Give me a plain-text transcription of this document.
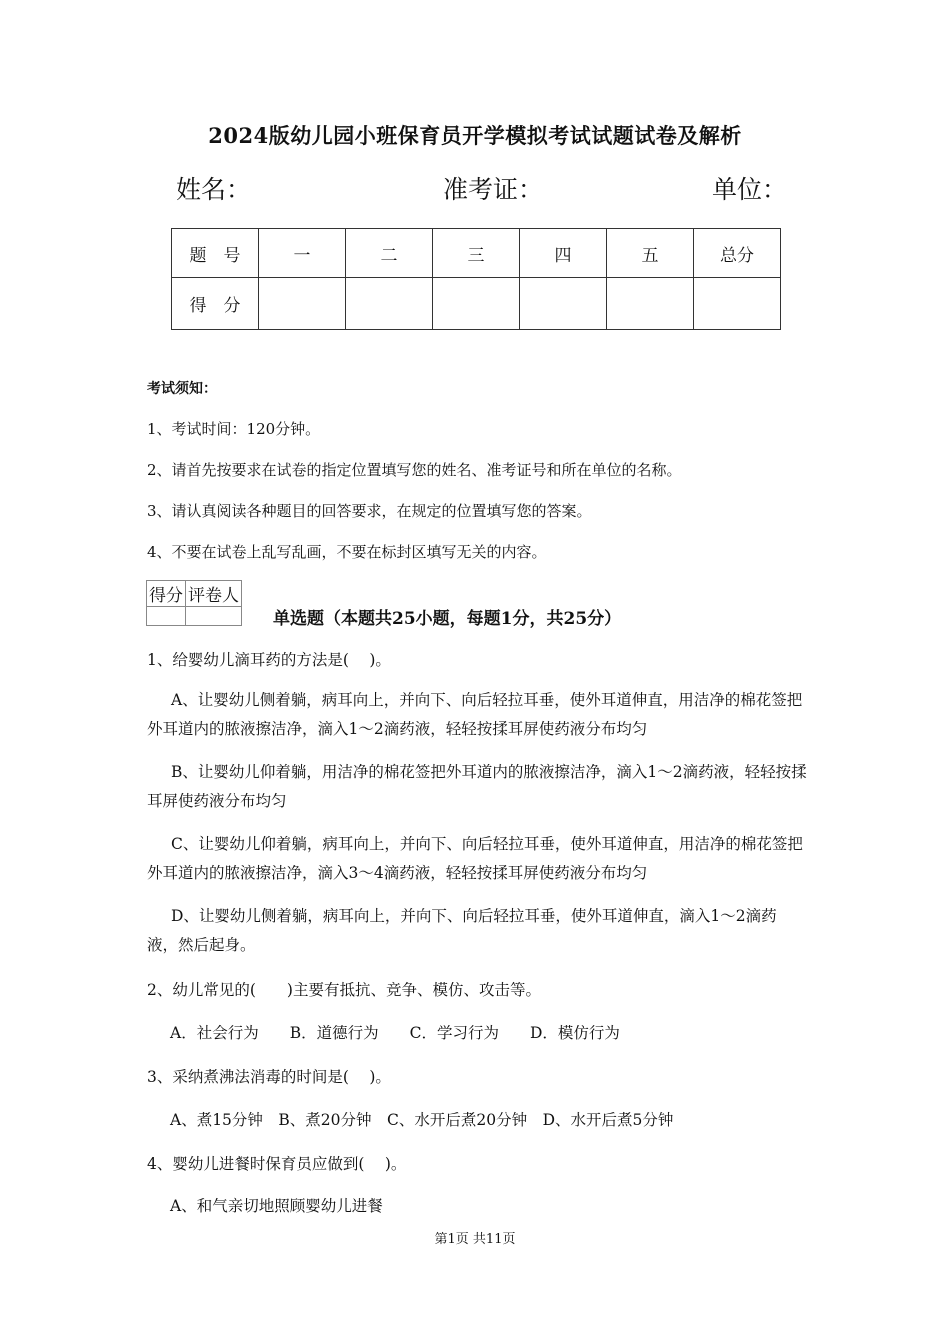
2024版幼儿园小班保育员开学模拟考试试题试卷及解析
姓名：	准考证：	单位：
题　号	一	二	三	四	五	总分
得　分						
考试须知：
1、考试时间：120分钟。
2、请首先按要求在试卷的指定位置填写您的姓名、准考证号和所在单位的名称。
3、请认真阅读各种题目的回答要求，在规定的位置填写您的答案。
4、不要在试卷上乱写乱画，不要在标封区填写无关的内容。
得分	评卷人

单选题（本题共25小题，每题1分，共25分）
1、给婴幼儿滴耳药的方法是(　 )。
A、让婴幼儿侧着躺，病耳向上，并向下、向后轻拉耳垂，使外耳道伸直，用洁净的棉花签把外耳道内的脓液擦洁净，滴入1～2滴药液，轻轻按揉耳屏使药液分布均匀
B、让婴幼儿仰着躺，用洁净的棉花签把外耳道内的脓液擦洁净，滴入1～2滴药液，轻轻按揉耳屏使药液分布均匀
C、让婴幼儿仰着躺，病耳向上，并向下、向后轻拉耳垂，使外耳道伸直，用洁净的棉花签把外耳道内的脓液擦洁净，滴入3～4滴药液，轻轻按揉耳屏使药液分布均匀
D、让婴幼儿侧着躺，病耳向上，并向下、向后轻拉耳垂，使外耳道伸直，滴入1～2滴药液，然后起身。
2、幼儿常见的(　　)主要有抵抗、竞争、模仿、攻击等。
A．社会行为　　B．道德行为　　C．学习行为　　D．模仿行为
3、采纳煮沸法消毒的时间是(　 )。
A、煮15分钟　B、煮20分钟　C、水开后煮20分钟　D、水开后煮5分钟
4、婴幼儿进餐时保育员应做到(　 )。
A、和气亲切地照顾婴幼儿进餐
第1页 共11页
